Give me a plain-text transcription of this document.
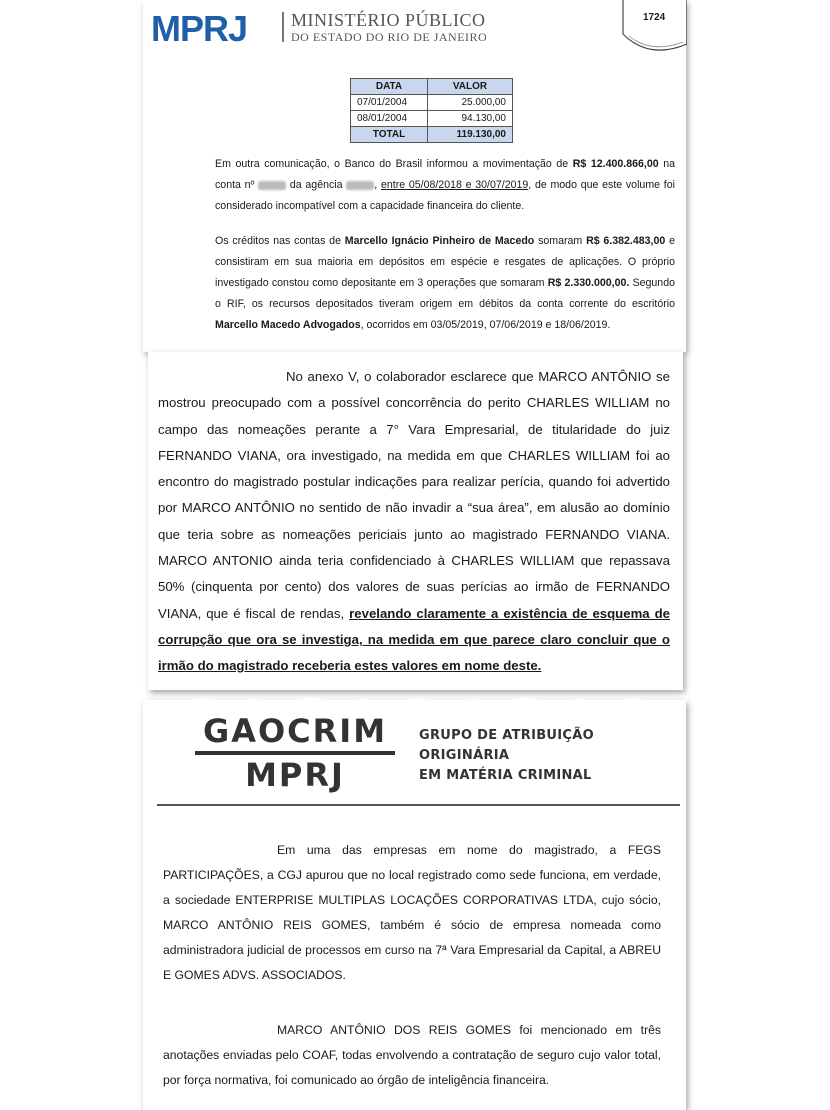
MPRJ MINISTÉRIO PÚBLICO
DO ESTADO DO RIO DE JANEIRO
1724
DATA	VALOR
07/01/2004	25.000,00
08/01/2004	94.130,00
TOTAL	119.130,00
Em outra comunicação, o Banco do Brasil informou a movimentação de R$ 12.400.866,00 na conta nº	da agência	, entre 05/08/2018 e 30/07/2019, de modo que este volume foi considerado incompatível com a capacidade financeira do cliente.
Os créditos nas contas de Marcello Ignácio Pinheiro de Macedo somaram R$ 6.382.483,00 e consistiram em sua maioria em depósitos em espécie e resgates de aplicações. O próprio investigado constou como depositante em 3 operações que somaram R$ 2.330.000,00. Segundo o RIF, os recursos depositados tiveram origem em débitos da conta corrente do escritório Marcello Macedo Advogados, ocorridos em 03/05/2019, 07/06/2019 e 18/06/2019.
No anexo V, o colaborador esclarece que MARCO ANTÔNIO se mostrou preocupado com a possível concorrência do perito CHARLES WILLIAM no campo das nomeações perante a 7° Vara Empresarial, de titularidade do juiz FERNANDO VIANA, ora investigado, na medida em que CHARLES WILLIAM foi ao encontro do magistrado postular indicações para realizar perícia, quando foi advertido por MARCO ANTÔNIO no sentido de não invadir a “sua área”, em alusão ao domínio que teria sobre as nomeações periciais junto ao magistrado FERNANDO VIANA. MARCO ANTONIO ainda teria confidenciado à CHARLES WILLIAM que repassava 50% (cinquenta por cento) dos valores de suas perícias ao irmão de FERNANDO VIANA, que é fiscal de rendas, revelando claramente a existência de esquema de corrupção que ora se investiga, na medida em que parece claro concluir que o irmão do magistrado receberia estes valores em nome deste.
GAOCRIM
MPRJ
GRUPO DE ATRIBUIÇÃO ORIGINÁRIA
EM MATÉRIA CRIMINAL
Em uma das empresas em nome do magistrado, a FEGS PARTICIPAÇÕES, a CGJ apurou que no local registrado como sede funciona, em verdade, a sociedade ENTERPRISE MULTIPLAS LOCAÇÕES CORPORATIVAS LTDA, cujo sócio, MARCO ANTÔNIO REIS GOMES, também é sócio de empresa nomeada como administradora judicial de processos em curso na 7ª Vara Empresarial da Capital, a ABREU E GOMES ADVS. ASSOCIADOS.
MARCO ANTÔNIO DOS REIS GOMES foi mencionado em três anotações enviadas pelo COAF, todas envolvendo a contratação de seguro cujo valor total, por força normativa, foi comunicado ao órgão de inteligência financeira.
